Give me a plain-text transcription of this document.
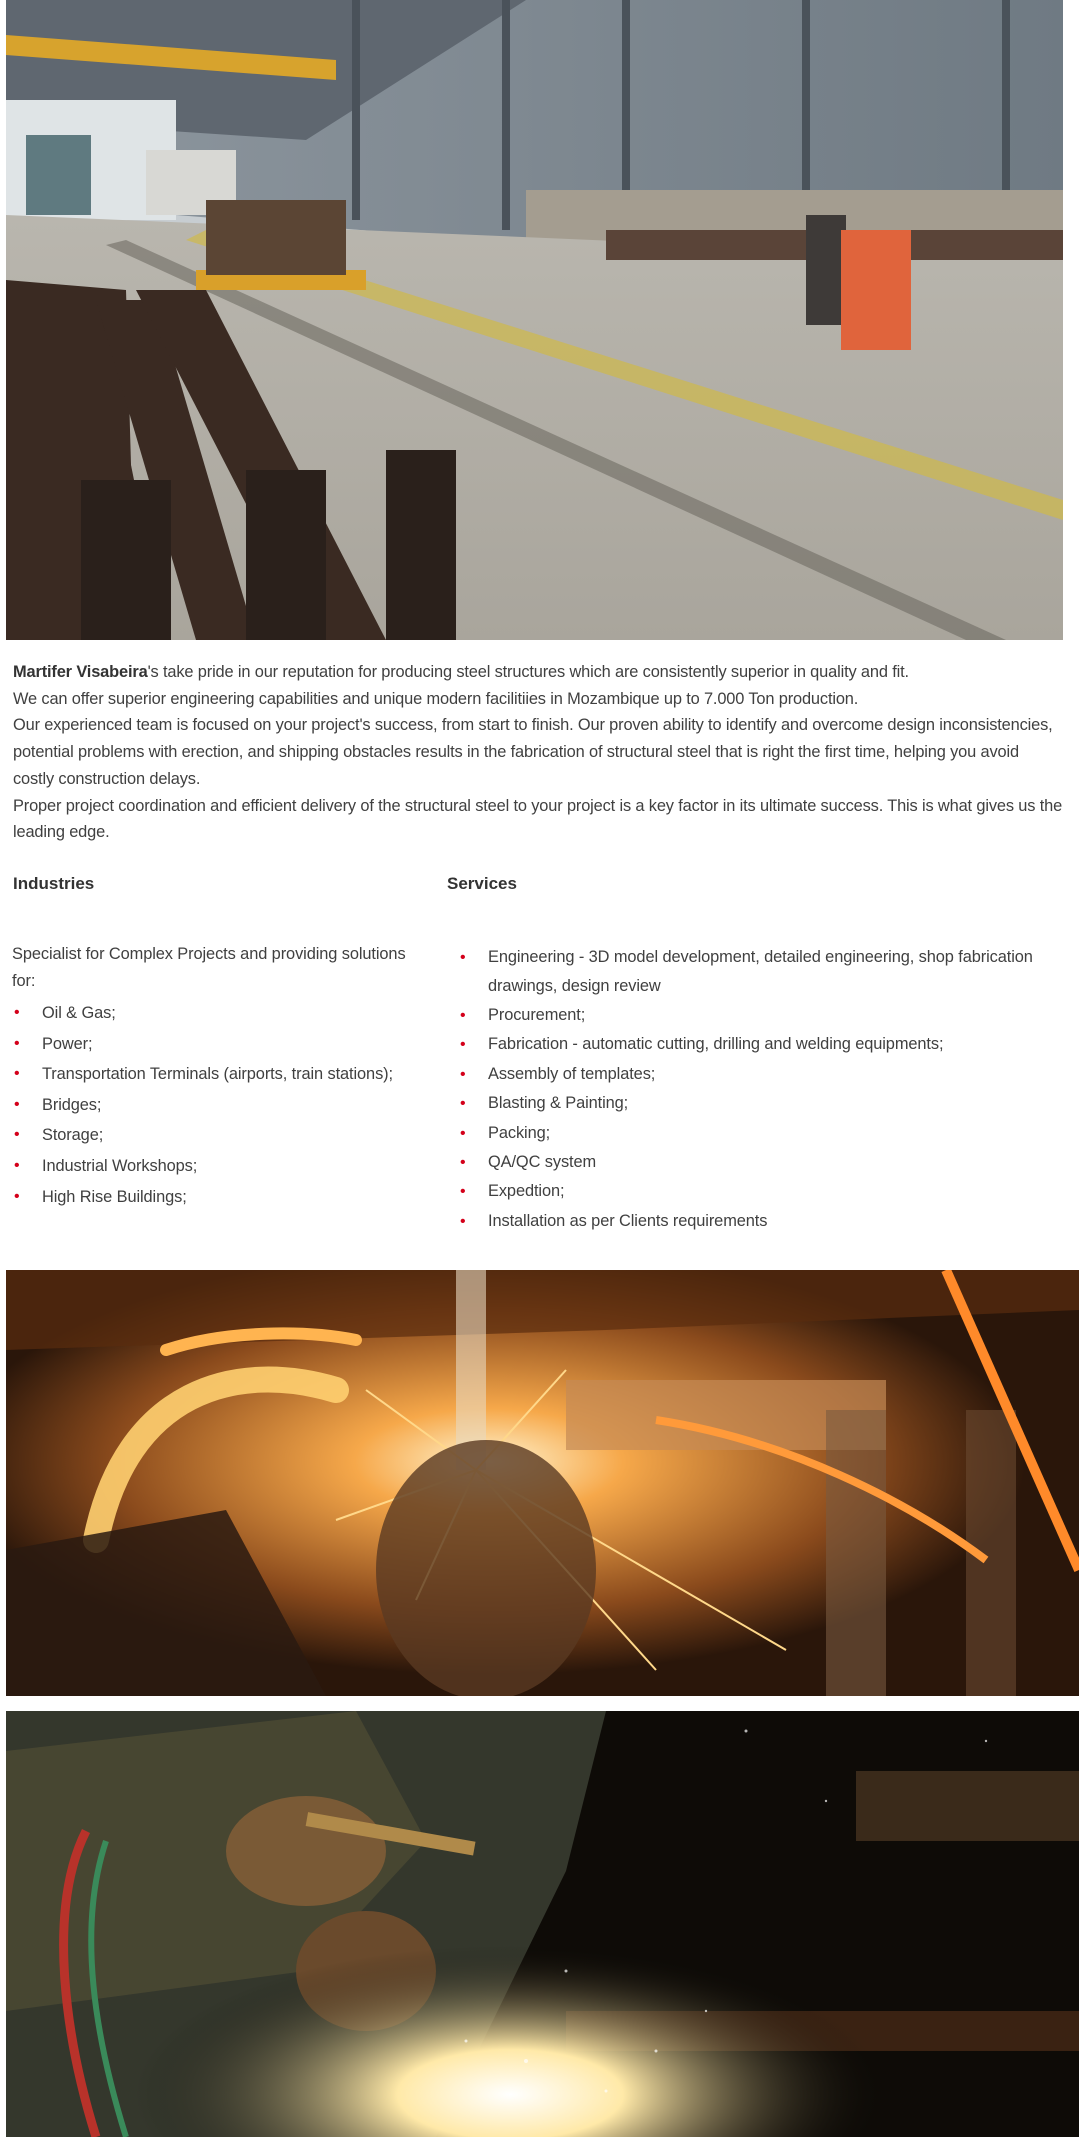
Martifer Visabeira's take pride in our reputation for producing steel structures which are consistently superior in quality and fit.

We can offer superior engineering capabilities and unique modern facilitiies in Mozambique up to 7.000 Ton production.

Our experienced team is focused on your project's success, from start to finish. Our proven ability to identify and overcome design inconsistencies, potential problems with erection, and shipping obstacles results in the fabrication of structural steel that is right the first time, helping you avoid costly construction delays.

Proper project coordination and efficient delivery of the structural steel to your project is a key factor in its ultimate success. This is what gives us the leading edge.

Industries	Services

Specialist for Complex Projects and providing solutions for:

• Oil & Gas;
• Power;
• Transportation Terminals (airports, train stations);
• Bridges;
• Storage;
• Industrial Workshops;
• High Rise Buildings;
• Engineering - 3D model development, detailed engineering, shop fabrication drawings, design review
• Procurement;
• Fabrication - automatic cutting, drilling and welding equipments;
• Assembly of templates;
• Blasting & Painting;
• Packing;
• QA/QC system
• Expedtion;
• Installation as per Clients requirements
